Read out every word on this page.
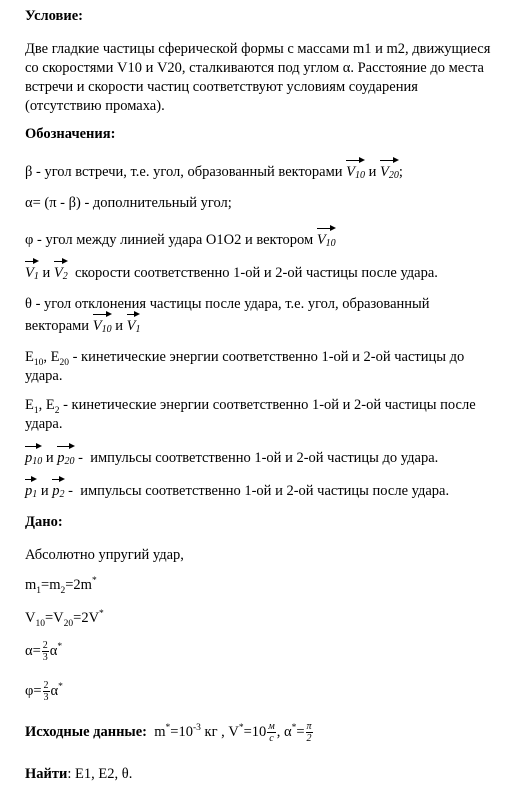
Условие:
Две гладкие частицы сферической формы с массами m1 и m2, движущиеся со скоростями V10 и V20, сталкиваются под углом α. Расстояние до места встречи и скорости частиц соответствуют условиям соударения (отсутствию промаха).
Обозначения:
β - угол встречи, т.е. угол, образованный векторами $V_{10}$ и $V_{20}$;
α= (π - β) - дополнительный угол;
φ - угол между линией удара O1O2 и вектором $V_{10}$
$V_1$ и $V_2$ скорости соответственно 1-ой и 2-ой частицы после удара.
θ - угол отклонения частицы после удара, т.е. угол, образованный
векторами $V_{10}$ и $V_1$
$E_{10}$, $E_{20}$ - кинетические энергии соответственно 1-ой и 2-ой частицы до удара.
$E_1$, $E_2$ - кинетические энергии соответственно 1-ой и 2-ой частицы после удара.
$p_{10}$ и $p_{20}$ -  импульсы соответственно 1-ой и 2-ой частицы до удара.
$p_1$ и $p_2$ -  импульсы соответственно 1-ой и 2-ой частицы после удара.
Дано:
Абсолютно упругий удар,
$m_1=m_2=2m^*$
$V_{10}=V_{20}=2V^*$
$\alpha= \frac{2}{3} \alpha^*$
$\varphi= \frac{2}{3} \alpha^*$
Исходные данные:  $m^*=10^{-3}$ кг , $V^*=10 \frac{м}{с}$ , $\alpha^*= \frac{\pi}{2}$
Найти: E1, E2, θ.
